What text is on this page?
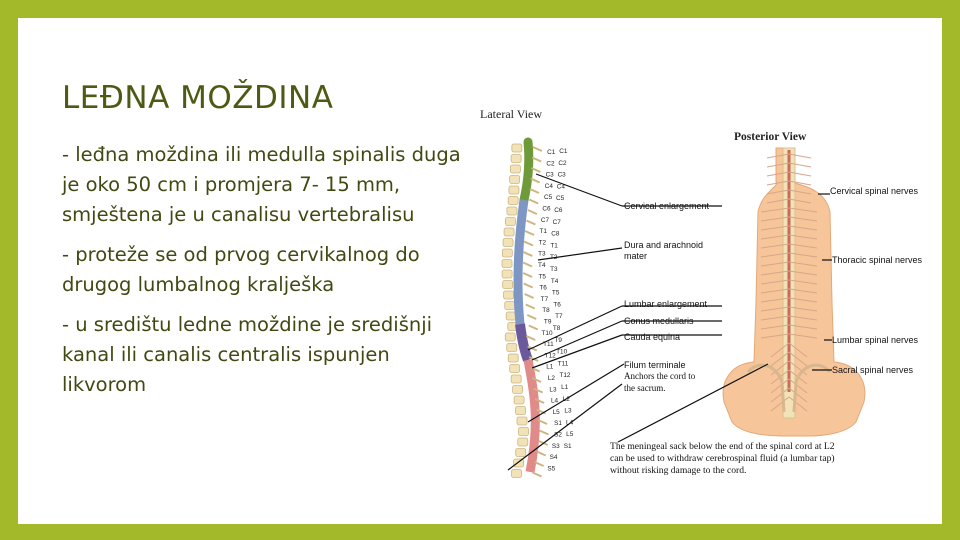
LEĐNA MOŽDINA

- leđna moždina ili medulla spinalis duga je oko 50 cm i promjera 7- 15 mm, smještena je u canalisu vertebralisu

- proteže se od prvog cervikalnog do drugog lumbalnog kralješka

- u središtu ledne moždine je središnji kanal ili canalis centralis ispunjen likvorom

Lateral View
Posterior View
C1
C2
C3
C4
C5
C6
C7
T1
T2
T3
T4
T5
T6
T7
T8
T9
T10
T11
T12
L1
L2
L3
L4
L5
S1
S2
S3
S4
S5
C1
C2
C3
C4
C5
C6
C7
C8
T1
T2
T3
T4
T5
T6
T7
T8
T9
T10
T11
T12
L1
L2
L3
L4
L5
S1
Cervical enlargement
Dura and arachnoid
mater
Lumbar enlargement
Conus medullaris
Cauda equina
Filum terminale
Anchors the cord to
the sacrum.
Cervical spinal nerves
Thoracic spinal nerves
Lumbar spinal nerves
Sacral spinal nerves
The meningeal sack below the end of the spinal cord at L2
can be used to withdraw cerebrospinal fluid (a lumbar tap)
without risking damage to the cord.
